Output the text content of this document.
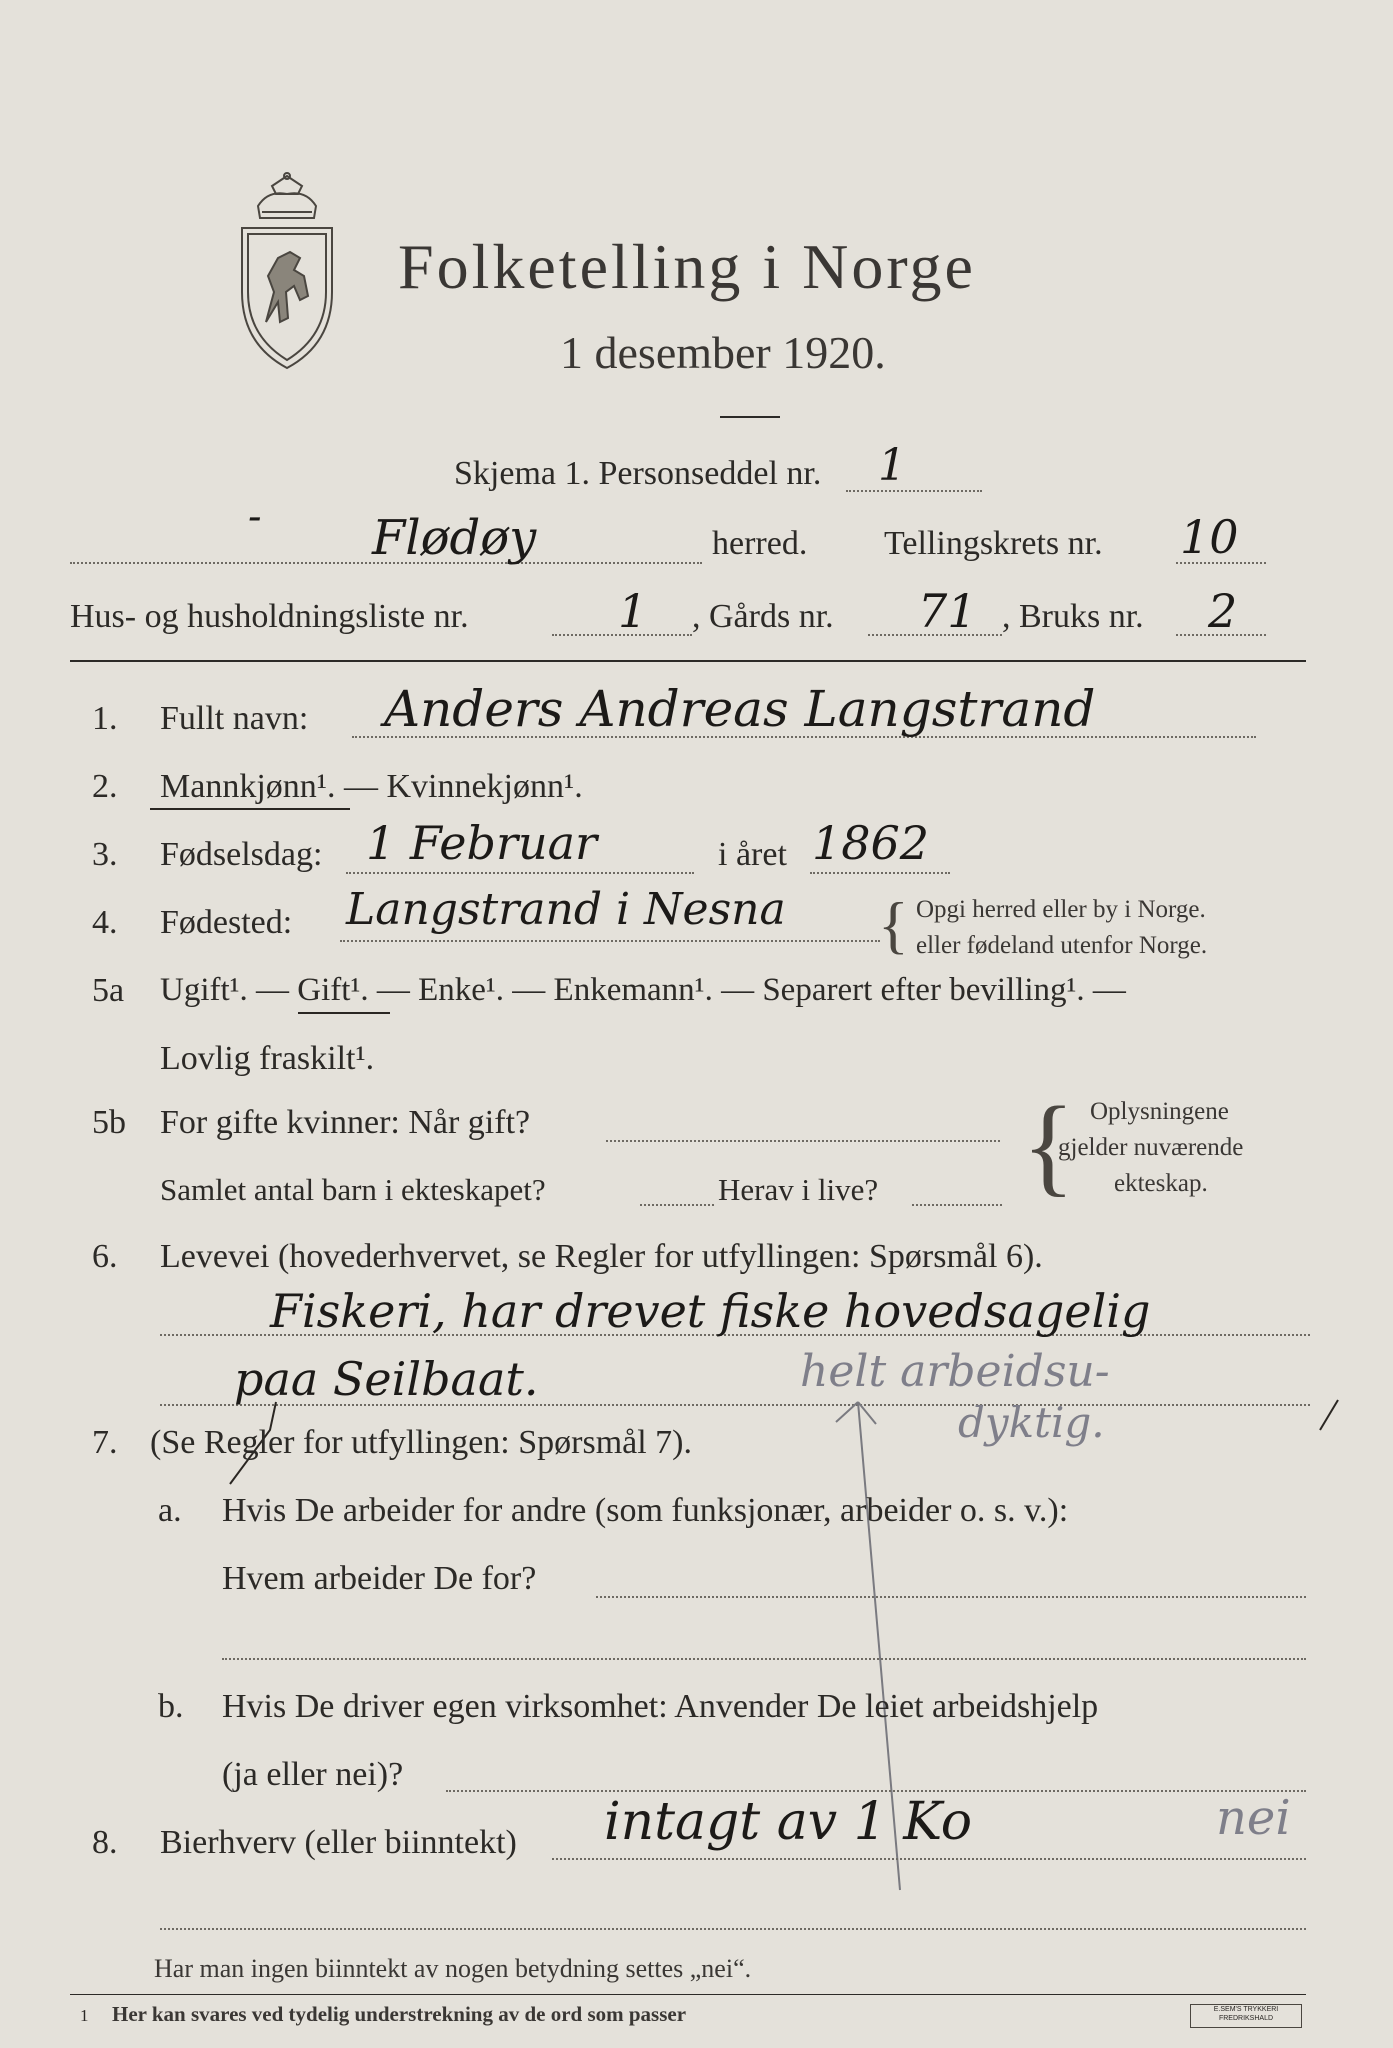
Folketelling i Norge
1 desember 1920.
Skjema 1. Personseddel nr. 1
- Flødøy	herred. Tellingskrets nr. 10
Hus- og husholdningsliste nr.	1 , Gårds nr. 71 , Bruks nr. 2
1. Fullt navn: Anders Andreas Langstrand
2. Mannkjønn¹. — Kvinnekjønn¹.
3. Fødselsdag: 1 Februar	i året 1862
4. Fødested: Langstrand i Nesna { Opgi herred eller by i Norge.
eller fødeland utenfor Norge.
5a Ugift¹. — Gift¹. — Enke¹. — Enkemann¹. — Separert efter bevilling¹. —
Lovlig fraskilt¹.
5b For gifte kvinner: Når gift?
Samlet antal barn i ekteskapet?	Herav i live? { Oplysningene
gjelder nuværende
ekteskap.
6. Levevei (hovederhvervet, se Regler for utfyllingen: Spørsmål 6).
Fiskeri, har drevet fiske hovedsagelig
paa Seilbaat.	helt arbeidsu-
dyktig.
7. (Se Regler for utfyllingen: Spørsmål 7).
a. Hvis De arbeider for andre (som funksjonær, arbeider o. s. v.):
Hvem arbeider De for?
b. Hvis De driver egen virksomhet: Anvender De leiet arbeidshjelp
(ja eller nei)?
8. Bierhverv (eller biinntekt) intagt av 1 Ko	nei
Har man ingen biinntekt av nogen betydning settes „nei“.
1 Her kan svares ved tydelig understrekning av de ord som passer	E.SEM'S TRYKKERI
FREDRIKSHALD
